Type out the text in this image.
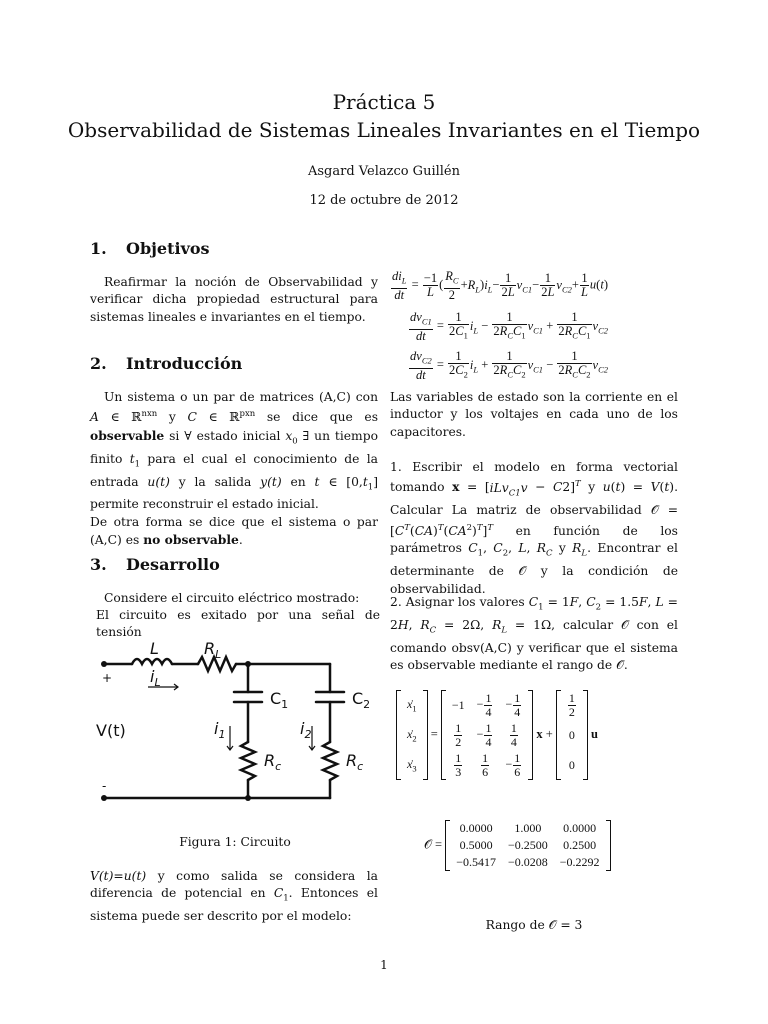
Práctica 5
Observabilidad de Sistemas Lineales Invariantes en el Tiempo
Asgard Velazco Guillén
12 de octubre de 2012
1. Objetivos
Reafirmar la noción de Observabilidad y verificar dicha propiedad estructural para sistemas lineales e invariantes en el tiempo.
2. Introducción
Un sistema o un par de matrices (A,C) con A ∈ ℝ$^{nxn}$ y C ∈ ℝ$^{pxn}$ se dice que es observable si ∀ estado inicial $x_0$ ∃ un tiempo finito $t_1$ para el cual el conocimiento de la entrada u(t) y la salida y(t) en t ∈ $[0,t_1]$ permite reconstruir el estado inicial.
De otra forma se dice que el sistema o par (A,C) es no observable.
3. Desarrollo
Considere el circuito eléctrico mostrado:
El circuito es exitado por una señal de tensión
L	$R_L$
$i_L$
$C_1$	$C_2$
$i_1$	$i_2$
$R_c$	$R_c$
+
-
V(t)
Figura 1: Circuito
V(t)=u(t) y como salida se considera la diferencia de potencial en $C_1$. Entonces el sistema puede ser descrito por el modelo:
$\frac{di_L}{dt} = \frac{-1}{L}$ ( $\frac{R_C}{2} +R_L)i_L- \frac{1}{2L} v_{C1}- \frac{1}{2L} v_{C2}+ \frac{1}{L} u(t)$
$\frac{dv_{C1}}{dt} = \frac{1}{2C_1} i_L - \frac{1}{2R_CC_1} v_{C1} + \frac{1}{2R_CC_1} v_{C2}$
$\frac{dv_{C2}}{dt} = \frac{1}{2C_2} i_L + \frac{1}{2R_CC_2} v_{C1} - \frac{1}{2R_CC_2} v_{C2}$
Las variables de estado son la corriente en el inductor y los voltajes en cada uno de los capacitores.
1. Escribir el modelo en forma vectorial tomando $x = [iLv_{C1}v - C2]^T$ y u(t) = V(t). Calcular La matriz de observabilidad 𝒪 = $[C^T(CA)^T(CA^2)^T]^T$ en función de los parámetros $C_1$, $C_2$, L, $R_C$ y $R_L$. Encontrar el determinante de 𝒪 y la condición de observabilidad.
2. Asignar los valores $C_1 = 1F$, $C_2 = 1.5F$, L = 2H, $R_C = 2\Omega$, $R_L = 1\Omega$, calcular 𝒪 con el comando obsv(A,C) y verificar que el sistema es observable mediante el rango de 𝒪.
$x_1$
$x_2$
$x_3$
=
−1	− $\frac{1}{4}$	− $\frac{1}{4}$

$\frac{1}{2}$	− $\frac{1}{4}$	$\frac{1}{4}$

$\frac{1}{3}$	$\frac{1}{6}$	− $\frac{1}{6}$
x +
$\frac{1}{2}$

0
0
u
𝒪 =
0.0000	1.000	0.0000
0.5000	−0.2500	0.2500
−0.5417	−0.0208	−0.2292
Rango de 𝒪 = 3
1
